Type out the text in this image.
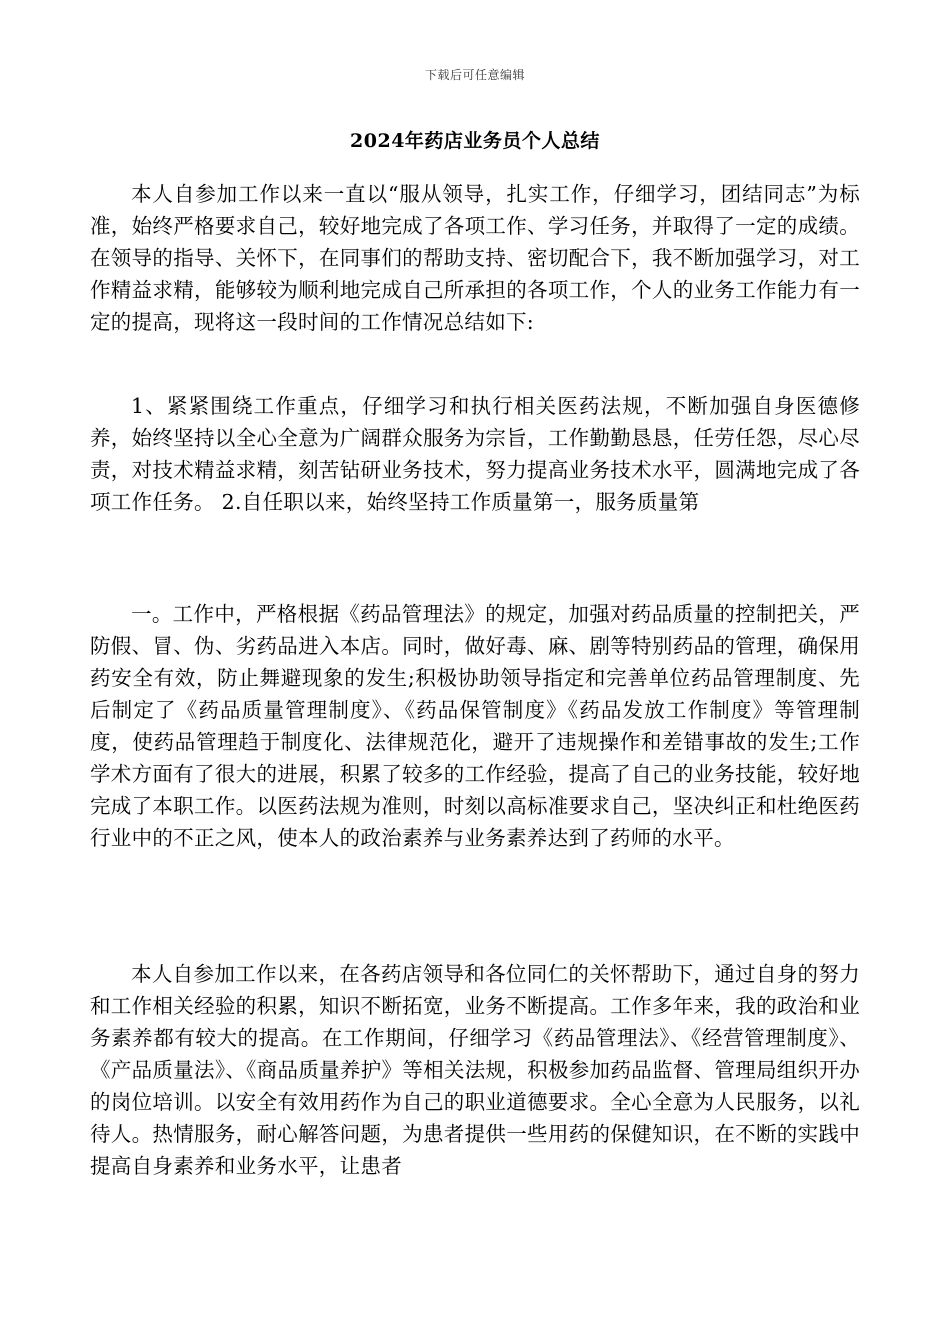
下载后可任意编辑
2024年药店业务员个人总结

本人自参加工作以来一直以“服从领导，扎实工作，仔细学习，团结同志”为标准，始终严格要求自己，较好地完成了各项工作、学习任务，并取得了一定的成绩。在领导的指导、关怀下，在同事们的帮助支持、密切配合下，我不断加强学习，对工作精益求精，能够较为顺利地完成自己所承担的各项工作，个人的业务工作能力有一定的提高，现将这一段时间的工作情况总结如下:

1、紧紧围绕工作重点，仔细学习和执行相关医药法规，不断加强自身医德修养，始终坚持以全心全意为广阔群众服务为宗旨，工作勤勤恳恳，任劳任怨，尽心尽责，对技术精益求精，刻苦钻研业务技术，努力提高业务技术水平，圆满地完成了各项工作任务。 2.自任职以来，始终坚持工作质量第一，服务质量第

一。工作中，严格根据《药品管理法》的规定，加强对药品质量的控制把关，严防假、冒、伪、劣药品进入本店。同时，做好毒、麻、剧等特别药品的管理，确保用药安全有效，防止舞避现象的发生;积极协助领导指定和完善单位药品管理制度、先后制定了《药品质量管理制度》、《药品保管制度》《药品发放工作制度》等管理制度，使药品管理趋于制度化、法律规范化，避开了违规操作和差错事故的发生;工作学术方面有了很大的进展，积累了较多的工作经验，提高了自己的业务技能，较好地完成了本职工作。以医药法规为准则，时刻以高标准要求自己，坚决纠正和杜绝医药行业中的不正之风，使本人的政治素养与业务素养达到了药师的水平。

本人自参加工作以来，在各药店领导和各位同仁的关怀帮助下，通过自身的努力和工作相关经验的积累，知识不断拓宽，业务不断提高。工作多年来，我的政治和业务素养都有较大的提高。在工作期间，仔细学习《药品管理法》、《经营管理制度》、《产品质量法》、《商品质量养护》等相关法规，积极参加药品监督、管理局组织开办的岗位培训。以安全有效用药作为自己的职业道德要求。全心全意为人民服务，以礼待人。热情服务，耐心解答问题，为患者提供一些用药的保健知识，在不断的实践中提高自身素养和业务水平，让患者
